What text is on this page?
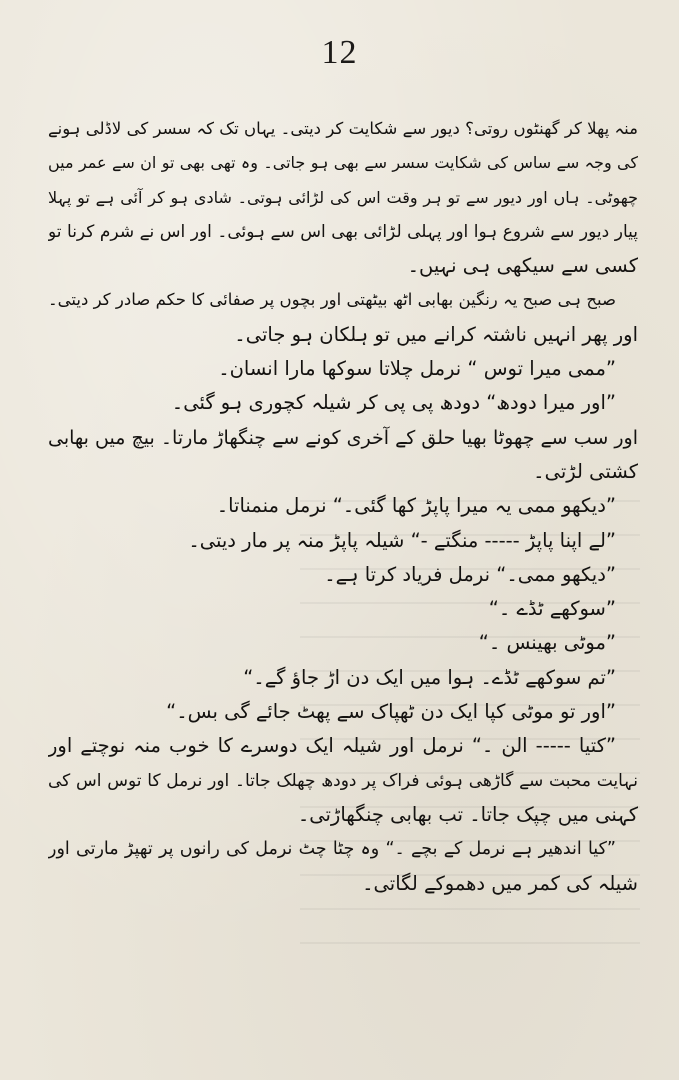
12
منہ پھلا کر گھنٹوں روتی؟ دیور سے شکایت کر دیتی۔ یہاں تک کہ سسر کی لاڈلی ہونے
کی وجہ سے ساس کی شکایت سسر سے بھی ہو جاتی۔ وہ تھی بھی تو ان سے عمر میں
چھوٹی۔ ہاں اور دیور سے تو ہر وقت اس کی لڑائی ہوتی۔ شادی ہو کر آئی ہے تو پہلا
پیار دیور سے شروع ہوا اور پہلی لڑائی بھی اس سے ہوئی۔ اور اس نے شرم کرنا تو
کسی سے سیکھی ہی نہیں۔
صبح ہی صبح یہ رنگین بھابی اٹھ بیٹھتی اور بچوں پر صفائی کا حکم صادر کر دیتی۔
اور پھر انہیں ناشتہ کرانے میں تو ہلکان ہو جاتی۔
”ممی میرا توس “ نرمل چلاتا سوکھا مارا انسان۔
”اور میرا دودھ“ دودھ پی پی کر شیلہ کچوری ہو گئی۔
اور سب سے چھوٹا بھیا حلق کے آخری کونے سے چنگھاڑ مارتا۔ بیچ میں بھابی
کشتی لڑتی۔
”دیکھو ممی یہ میرا پاپڑ کھا گئی۔“ نرمل منمناتا۔
”لے اپنا پاپڑ ----- منگتے -“ شیلہ پاپڑ منہ پر مار دیتی۔
”دیکھو ممی۔“ نرمل فریاد کرتا ہے۔
”سوکھے ٹڈے ۔“
”موٹی بھینس ۔“
”تم سوکھے ٹڈے۔ ہوا میں ایک دن اڑ جاؤ گے۔“
”اور تو موٹی کپا ایک دن ٹھپاک سے پھٹ جائے گی بس۔“
”کتیا ----- الن ۔“ نرمل اور شیلہ ایک دوسرے کا خوب منہ نوچتے اور
نہایت محبت سے گاڑھی ہوئی فراک پر دودھ چھلک جاتا۔ اور نرمل کا توس اس کی
کہنی میں چپک جاتا۔ تب بھابی چنگھاڑتی۔
”کیا اندھیر ہے نرمل کے بچے ۔“ وہ چٹا چٹ نرمل کی رانوں پر تھپڑ مارتی اور
شیلہ کی کمر میں دھموکے لگاتی۔
